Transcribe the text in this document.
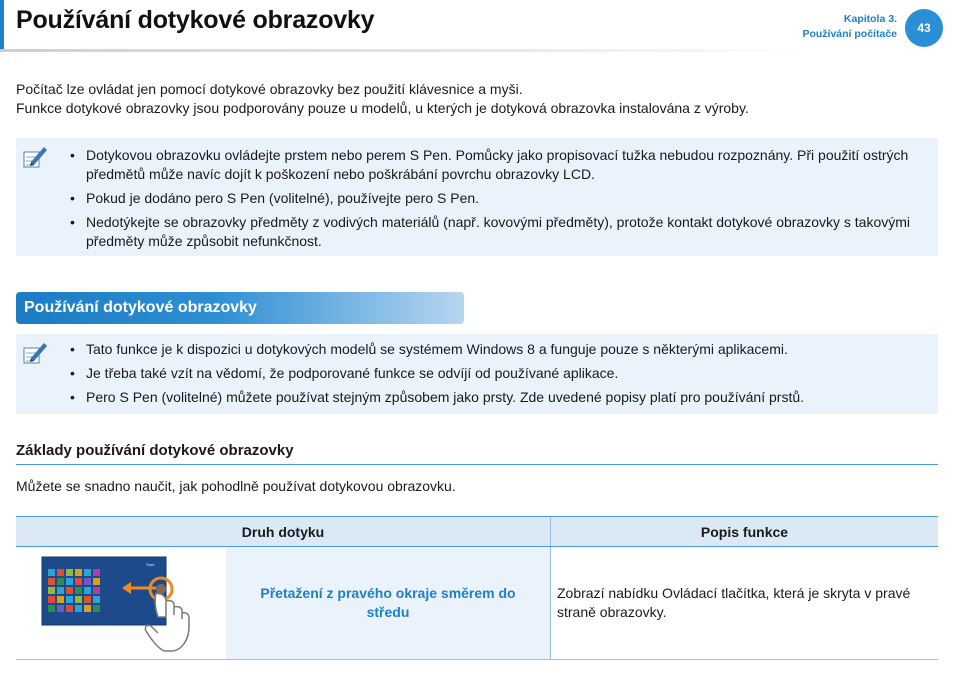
Používání dotykové obrazovky	Kapitola 3.
Používání počítače	43
Počítač lze ovládat jen pomocí dotykové obrazovky bez použití klávesnice a myši.
Funkce dotykové obrazovky jsou podporovány pouze u modelů, u kterých je dotyková obrazovka instalována z výroby.
• Dotykovou obrazovku ovládejte prstem nebo perem S Pen. Pomůcky jako propisovací tužka nebudou rozpoznány. Při použití ostrých předmětů může navíc dojít k poškození nebo poškrábání povrchu obrazovky LCD.
• Pokud je dodáno pero S Pen (volitelné), používejte pero S Pen.
• Nedotýkejte se obrazovky předměty z vodivých materiálů (např. kovovými předměty), protože kontakt dotykové obrazovky s takovými předměty může způsobit nefunkčnost.
Používání dotykové obrazovky
• Tato funkce je k dispozici u dotykových modelů se systémem Windows 8 a funguje pouze s některými aplikacemi.
• Je třeba také vzít na vědomí, že podporované funkce se odvíjí od používané aplikace.
• Pero S Pen (volitelné) můžete používat stejným způsobem jako prsty. Zde uvedené popisy platí pro používání prstů.
Základy používání dotykové obrazovky
Můžete se snadno naučit, jak pohodlně používat dotykovou obrazovku.
Druh dotyku		Popis funkce

Start	Přetažení z pravého okraje směrem do středu	Zobrazí nabídku Ovládací tlačítka, která je skryta v pravé straně obrazovky.
